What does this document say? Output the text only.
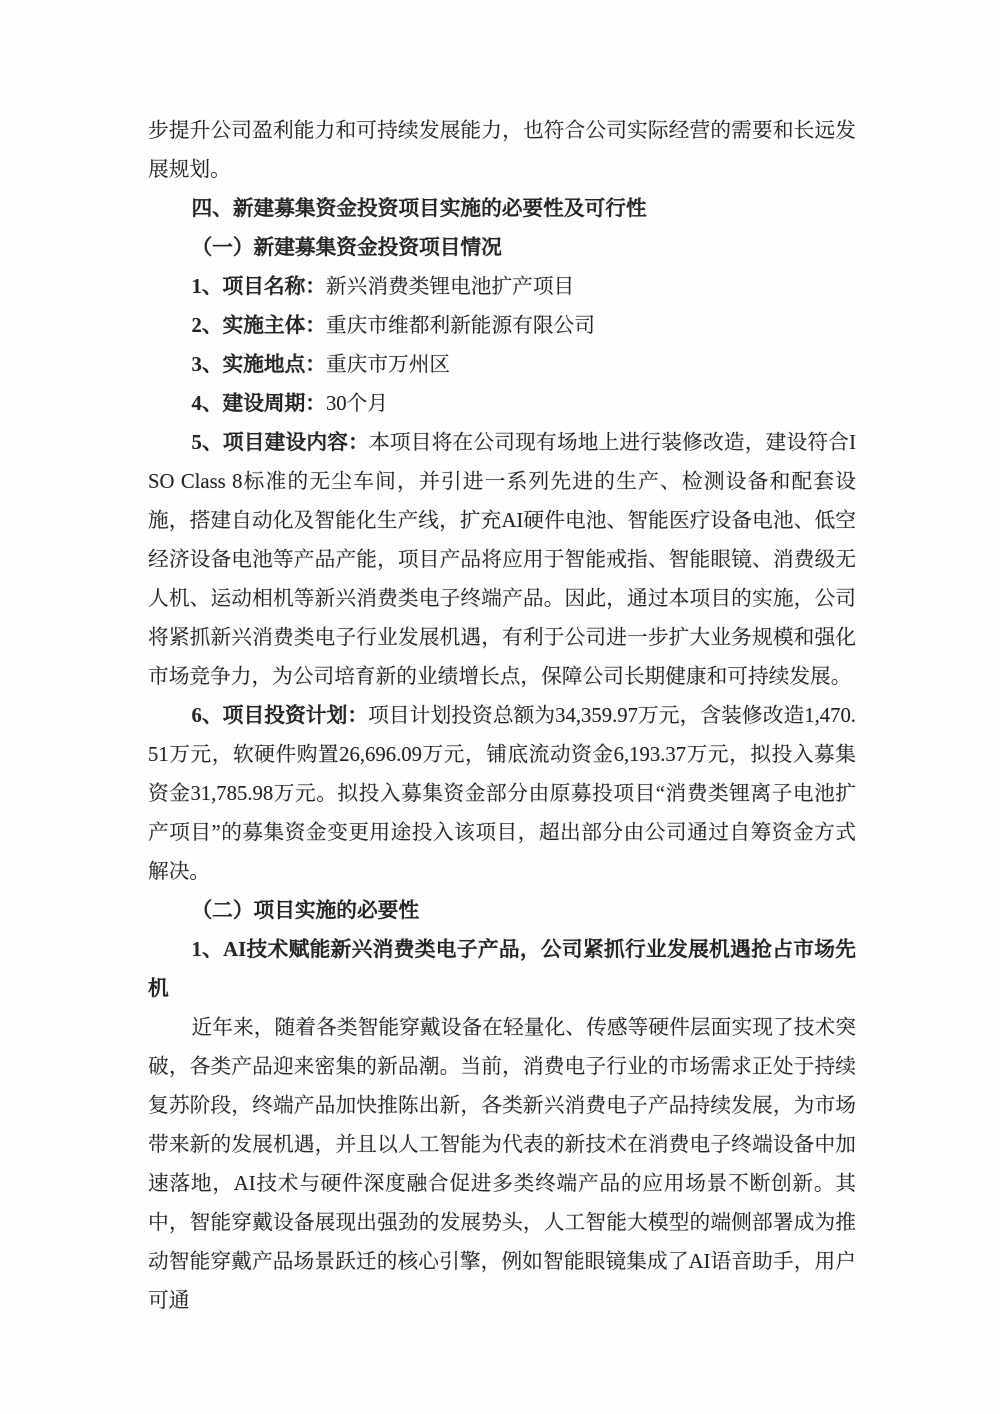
步提升公司盈利能力和可持续发展能力，也符合公司实际经营的需要和长远发展规划。

四、新建募集资金投资项目实施的必要性及可行性

（一）新建募集资金投资项目情况

1、项目名称：新兴消费类锂电池扩产项目

2、实施主体：重庆市维都利新能源有限公司

3、实施地点：重庆市万州区

4、建设周期：30个月

5、项目建设内容：本项目将在公司现有场地上进行装修改造，建设符合ISO Class 8标准的无尘车间，并引进一系列先进的生产、检测设备和配套设施，搭建自动化及智能化生产线，扩充AI硬件电池、智能医疗设备电池、低空经济设备电池等产品产能，项目产品将应用于智能戒指、智能眼镜、消费级无人机、运动相机等新兴消费类电子终端产品。因此，通过本项目的实施，公司将紧抓新兴消费类电子行业发展机遇，有利于公司进一步扩大业务规模和强化市场竞争力，为公司培育新的业绩增长点，保障公司长期健康和可持续发展。

6、项目投资计划：项目计划投资总额为34,359.97万元，含装修改造1,470.51万元，软硬件购置26,696.09万元，铺底流动资金6,193.37万元，拟投入募集资金31,785.98万元。拟投入募集资金部分由原募投项目“消费类锂离子电池扩产项目”的募集资金变更用途投入该项目，超出部分由公司通过自筹资金方式解决。

（二）项目实施的必要性

1、AI技术赋能新兴消费类电子产品，公司紧抓行业发展机遇抢占市场先机

近年来，随着各类智能穿戴设备在轻量化、传感等硬件层面实现了技术突破，各类产品迎来密集的新品潮。当前，消费电子行业的市场需求正处于持续复苏阶段，终端产品加快推陈出新，各类新兴消费电子产品持续发展，为市场带来新的发展机遇，并且以人工智能为代表的新技术在消费电子终端设备中加速落地，AI技术与硬件深度融合促进多类终端产品的应用场景不断创新。其中，智能穿戴设备展现出强劲的发展势头，人工智能大模型的端侧部署成为推动智能穿戴产品场景跃迁的核心引擎，例如智能眼镜集成了AI语音助手，用户可通
